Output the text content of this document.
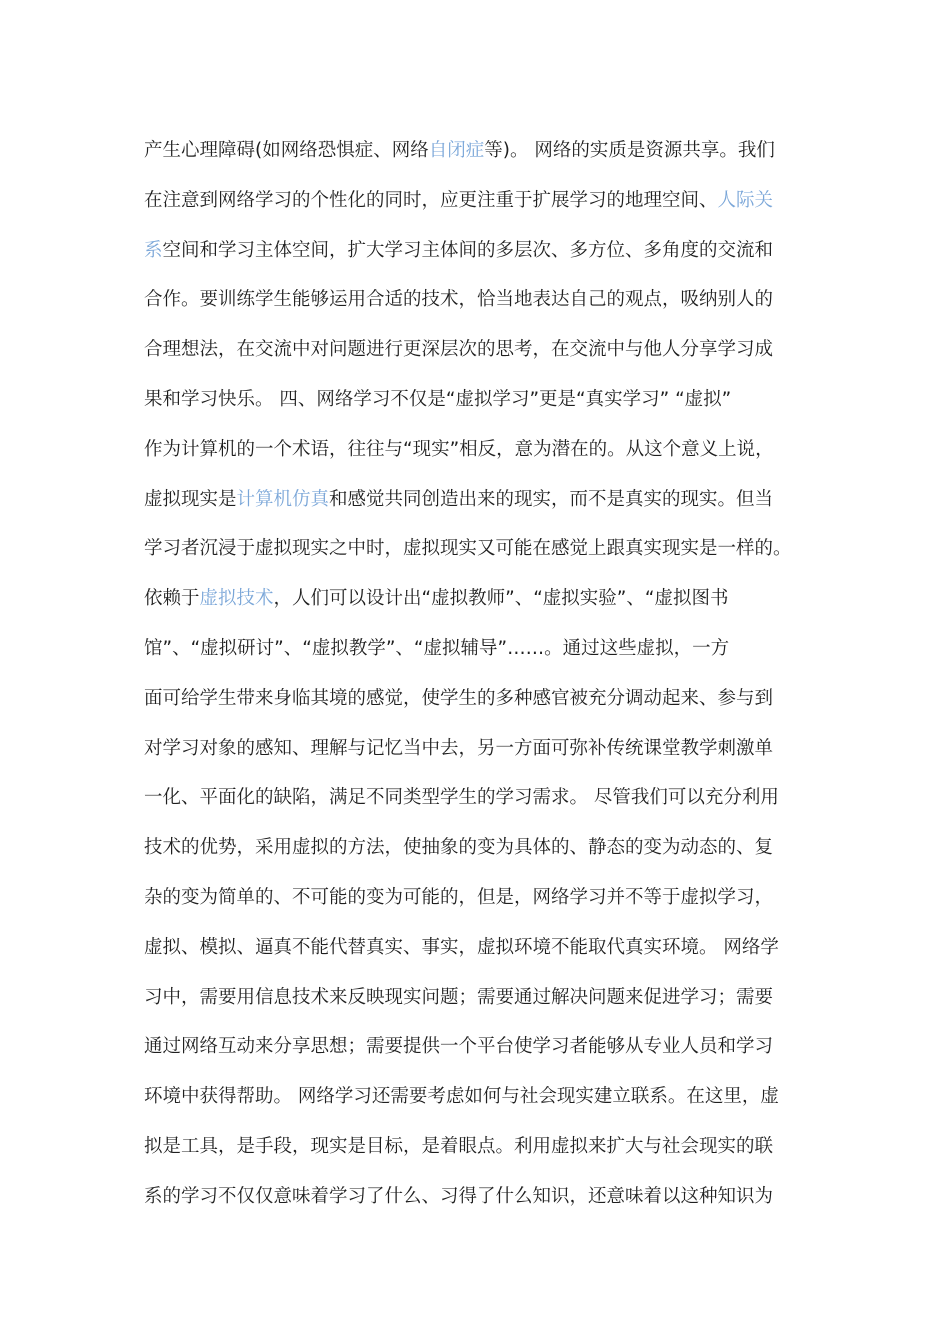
产生心理障碍(如网络恐惧症、网络自闭症等)。 网络的实质是资源共享。我们
在注意到网络学习的个性化的同时，应更注重于扩展学习的地理空间、人际关
系空间和学习主体空间，扩大学习主体间的多层次、多方位、多角度的交流和
合作。要训练学生能够运用合适的技术，恰当地表达自己的观点，吸纳别人的
合理想法，在交流中对问题进行更深层次的思考，在交流中与他人分享学习成
果和学习快乐。 四、网络学习不仅是“虚拟学习”更是“真实学习” “虚拟”
作为计算机的一个术语，往往与“现实”相反，意为潜在的。从这个意义上说，
虚拟现实是计算机仿真和感觉共同创造出来的现实，而不是真实的现实。但当
学习者沉浸于虚拟现实之中时，虚拟现实又可能在感觉上跟真实现实是一样的。
依赖于虚拟技术，人们可以设计出“虚拟教师”、“虚拟实验”、“虚拟图书
馆”、“虚拟研讨”、“虚拟教学”、“虚拟辅导”……。通过这些虚拟，一方
面可给学生带来身临其境的感觉，使学生的多种感官被充分调动起来、参与到
对学习对象的感知、理解与记忆当中去，另一方面可弥补传统课堂教学刺激单
一化、平面化的缺陷，满足不同类型学生的学习需求。 尽管我们可以充分利用
技术的优势，采用虚拟的方法，使抽象的变为具体的、静态的变为动态的、复
杂的变为简单的、不可能的变为可能的，但是，网络学习并不等于虚拟学习，
虚拟、模拟、逼真不能代替真实、事实，虚拟环境不能取代真实环境。 网络学
习中，需要用信息技术来反映现实问题；需要通过解决问题来促进学习；需要
通过网络互动来分享思想；需要提供一个平台使学习者能够从专业人员和学习
环境中获得帮助。 网络学习还需要考虑如何与社会现实建立联系。在这里，虚
拟是工具，是手段，现实是目标，是着眼点。利用虚拟来扩大与社会现实的联
系的学习不仅仅意味着学习了什么、习得了什么知识，还意味着以这种知识为
